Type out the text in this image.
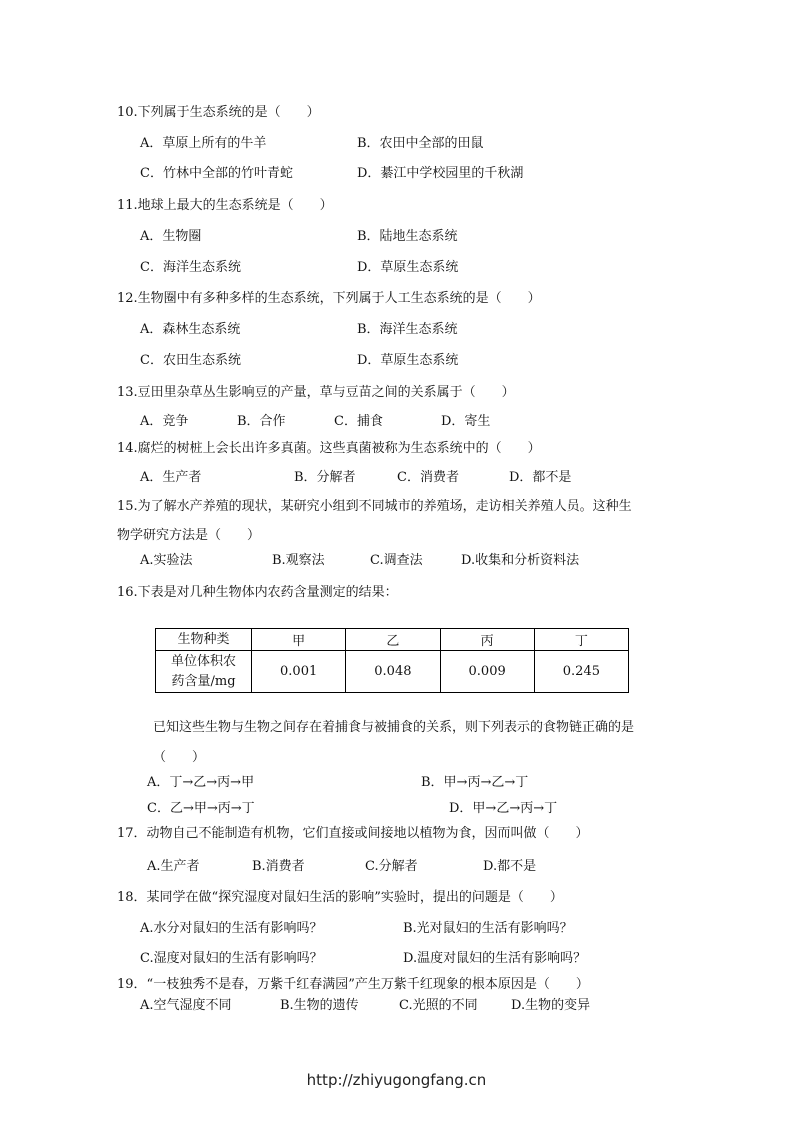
10.下列属于生态系统的是（　　）
A．草原上所有的牛羊	B．农田中全部的田鼠
C．竹林中全部的竹叶青蛇	D．綦江中学校园里的千秋湖
11.地球上最大的生态系统是（　　）
A．生物圈	B．陆地生态系统
C．海洋生态系统	D．草原生态系统
12.生物圈中有多种多样的生态系统，下列属于人工生态系统的是（　　）
A．森林生态系统	B．海洋生态系统
C．农田生态系统	D．草原生态系统
13.豆田里杂草丛生影响豆的产量，草与豆苗之间的关系属于（　　）
A．竞争	B．合作	C．捕食	D．寄生
14.腐烂的树桩上会长出许多真菌。这些真菌被称为生态系统中的（　　）
A．生产者	B．分解者	C．消费者	D．都不是
15.为了解水产养殖的现状，某研究小组到不同城市的养殖场，走访相关养殖人员。这种生
物学研究方法是（　　）
A.实验法	B.观察法	C.调查法	D.收集和分析资料法
16.下表是对几种生物体内农药含量测定的结果：
生物种类	甲	乙	丙	丁

单位体积农
药含量/mg	0.001	0.048	0.009	0.245
已知这些生物与生物之间存在着捕食与被捕食的关系，则下列表示的食物链正确的是
（　　）
A．丁→乙→丙→甲	B．甲→丙→乙→丁
C．乙→甲→丙→丁	D．甲→乙→丙→丁
17．动物自己不能制造有机物，它们直接或间接地以植物为食，因而叫做（　　）
A.生产者	B.消费者	C.分解者	D.都不是
18．某同学在做“探究湿度对鼠妇生活的影响”实验时，提出的问题是（　　）
A.水分对鼠妇的生活有影响吗？	B.光对鼠妇的生活有影响吗？
C.湿度对鼠妇的生活有影响吗？	D.温度对鼠妇的生活有影响吗？
19．“一枝独秀不是春，万紫千红春满园”产生万紫千红现象的根本原因是（　　）
A.空气湿度不同	B.生物的遗传	C.光照的不同	D.生物的变异
http://zhiyugongfang.cn
